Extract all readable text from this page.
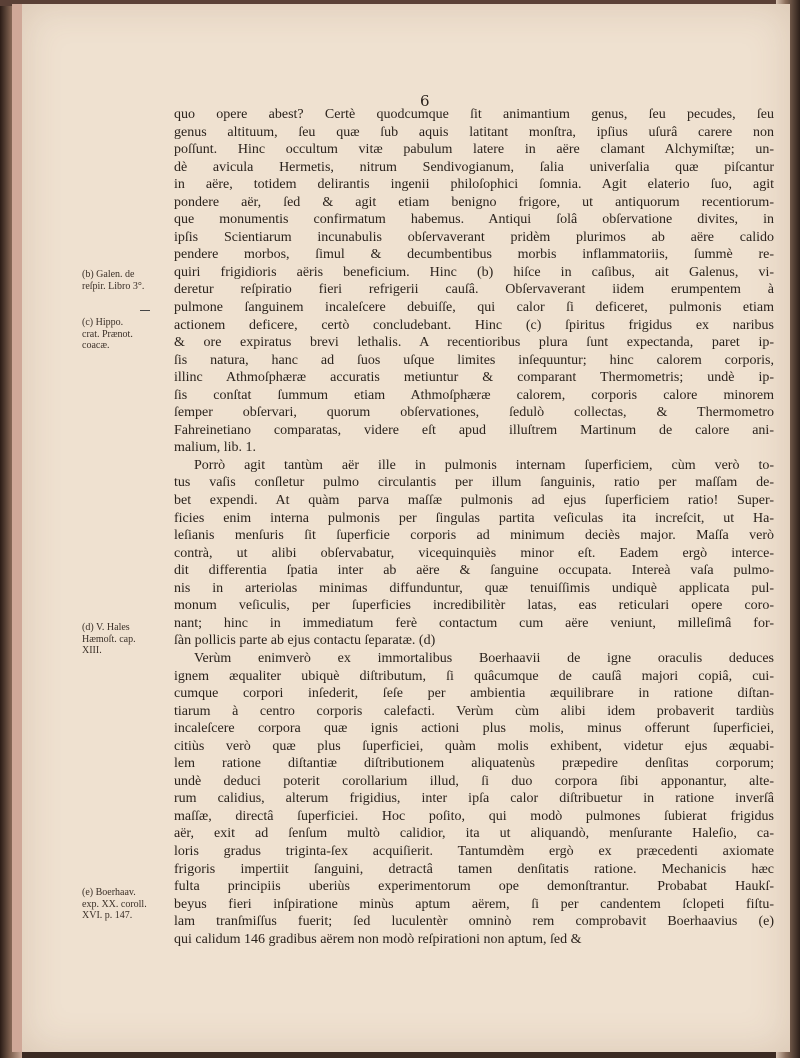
6
quo opere abest? Certè quodcumque ſit animantium genus, ſeu pecudes, ſeu
genus altituum, ſeu quæ ſub aquis latitant monſtra, ipſius uſurâ carere non
poſſunt. Hinc occultum vitæ pabulum latere in aëre clamant Alchymiſtæ; un-
dè avicula Hermetis, nitrum Sendivogianum, ſalia univerſalia quæ piſcantur
in aëre, totidem delirantis ingenii philoſophici ſomnia. Agit elaterio ſuo, agit
pondere aër, ſed & agit etiam benigno frigore, ut antiquorum recentiorum-
que monumentis confirmatum habemus. Antiqui ſolâ obſervatione divites, in
ipſis Scientiarum incunabulis obſervaverant pridèm plurimos ab aëre calido
pendere morbos, ſimul & decumbentibus morbis inflammatoriis, ſummè re-
quiri frigidioris aëris beneficium. Hinc (b) hiſce in caſibus, ait Galenus, vi-
deretur reſpiratio fieri refrigerii cauſâ. Obſervaverant iidem erumpentem à
pulmone ſanguinem incaleſcere debuiſſe, qui calor ſi deficeret, pulmonis etiam
actionem deficere, certò concludebant. Hinc (c) ſpiritus frigidus ex naribus
& ore expiratus brevi lethalis. A recentioribus plura ſunt expectanda, paret ip-
ſis natura, hanc ad ſuos uſque limites inſequuntur; hinc calorem corporis,
illinc Athmoſphæræ accuratis metiuntur & comparant Thermometris; undè ip-
ſis conſtat ſummum etiam Athmoſphæræ calorem, corporis calore minorem
ſemper obſervari, quorum obſervationes, ſedulò collectas, & Thermometro
Fahreinetiano comparatas, videre eſt apud illuſtrem Martinum de calore ani-
malium, lib. 1.
Porrò agit tantùm aër ille in pulmonis internam ſuperficiem, cùm verò to-
tus vaſis conſletur pulmo circulantis per illum ſanguinis, ratio per maſſam de-
bet expendi. At quàm parva maſſæ pulmonis ad ejus ſuperficiem ratio! Super-
ficies enim interna pulmonis per ſingulas partita veſiculas ita increſcit, ut Ha-
leſianis menſuris ſit ſuperficie corporis ad minimum deciès major. Maſſa verò
contrà, ut alibi obſervabatur, vicequinquiès minor eſt. Eadem ergò interce-
dit differentia ſpatia inter ab aëre & ſanguine occupata. Intereà vaſa pulmo-
nis in arteriolas minimas diffunduntur, quæ tenuiſſimis undiquè applicata pul-
monum veſiculis, per ſuperficies incredibilitèr latas, eas reticulari opere coro-
nant; hinc in immediatum ferè contactum cum aëre veniunt, milleſimâ for-
ſàn pollicis parte ab ejus contactu ſeparatæ. (d)
Verùm enimverò ex immortalibus Boerhaavii de igne oraculis deduces
ignem æqualiter ubiquè diſtributum, ſi quâcumque de cauſâ majori copiâ, cui-
cumque corpori inſederit, ſeſe per ambientia æquilibrare in ratione diſtan-
tiarum à centro corporis calefacti. Verùm cùm alibi idem probaverit tardiùs
incaleſcere corpora quæ ignis actioni plus molis, minus offerunt ſuperficiei,
citiùs verò quæ plus ſuperficiei, quàm molis exhibent, videtur ejus æquabi-
lem ratione diſtantiæ diſtributionem aliquatenùs præpedire denſitas corporum;
undè deduci poterit corollarium illud, ſi duo corpora ſibi apponantur, alte-
rum calidius, alterum frigidius, inter ipſa calor diſtribuetur in ratione inverſâ
maſſæ, directâ ſuperficiei. Hoc poſito, qui modò pulmones ſubierat frigidus
aër, exit ad ſenſum multò calidior, ita ut aliquandò, menſurante Haleſio, ca-
loris gradus triginta-ſex acquiſierit. Tantumdèm ergò ex præcedenti axiomate
frigoris impertiit ſanguini, detractâ tamen denſitatis ratione. Mechanicis hæc
fulta principiis uberiùs experimentorum ope demonſtrantur. Probabat Haukſ-
beyus fieri inſpiratione minùs aptum aërem, ſi per candentem ſclopeti fiſtu-
lam tranſmiſſus fuerit; ſed luculentèr omninò rem comprobavit Boerhaavius (e)
qui calidum 146 gradibus aërem non modò reſpirationi non aptum, ſed &
(b) Galen. de
reſpir. Libro 3°.
(c) Hippo.
crat. Prænot.
coacæ.
(d) V. Hales
Hæmoſt. cap.
XIII.
(e) Boerhaav.
exp. XX. coroll.
XVI. p. 147.
